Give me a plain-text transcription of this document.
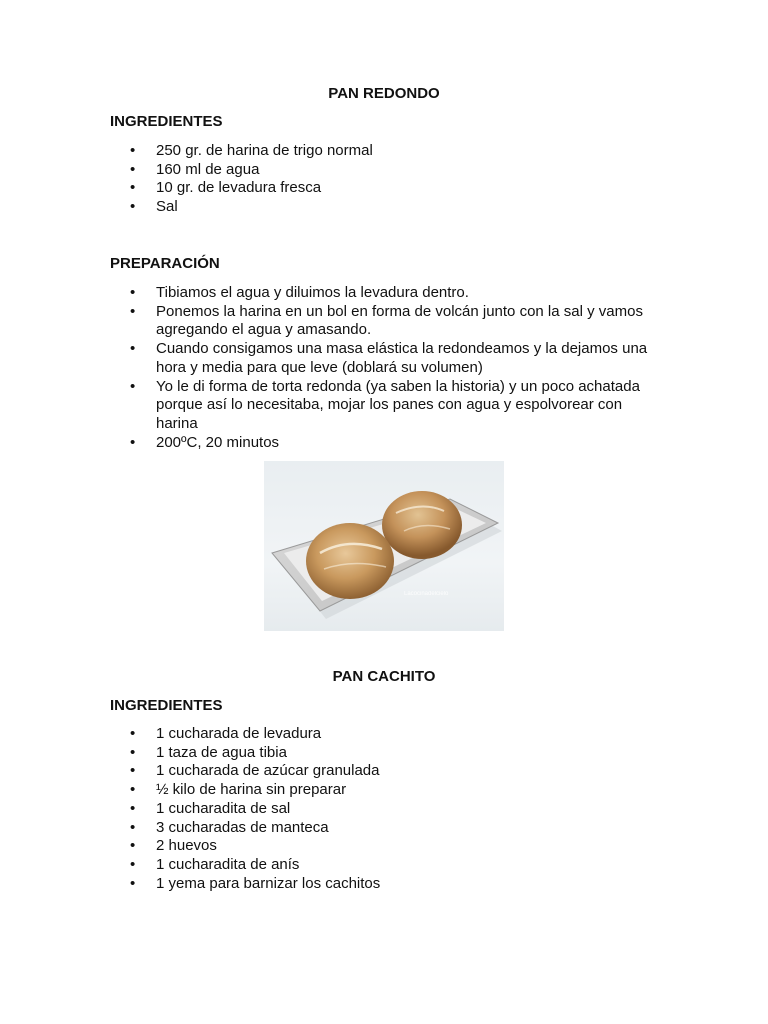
PAN REDONDO
INGREDIENTES
• 250 gr. de harina de trigo normal
• 160 ml de agua
• 10 gr. de levadura fresca
• Sal
PREPARACIÓN
• Tibiamos el agua y diluimos la levadura dentro.
• Ponemos la harina en un bol en forma de volcán junto con la sal y vamos agregando el agua y amasando.
• Cuando consigamos una masa elástica la redondeamos y la dejamos una hora y media para que leve (doblará su volumen)
• Yo le di forma de torta redonda (ya saben la historia) y un poco achatada porque así lo necesitaba, mojar los panes con agua y espolvorear con harina
• 200ºC, 20 minutos
Lacocinadelcielo
PAN CACHITO
INGREDIENTES
• 1 cucharada de levadura
• 1 taza de agua tibia
• 1 cucharada de azúcar granulada
• ½ kilo de harina sin preparar
• 1 cucharadita de sal
• 3 cucharadas de manteca
• 2 huevos
• 1 cucharadita de anís
• 1 yema para barnizar los cachitos
